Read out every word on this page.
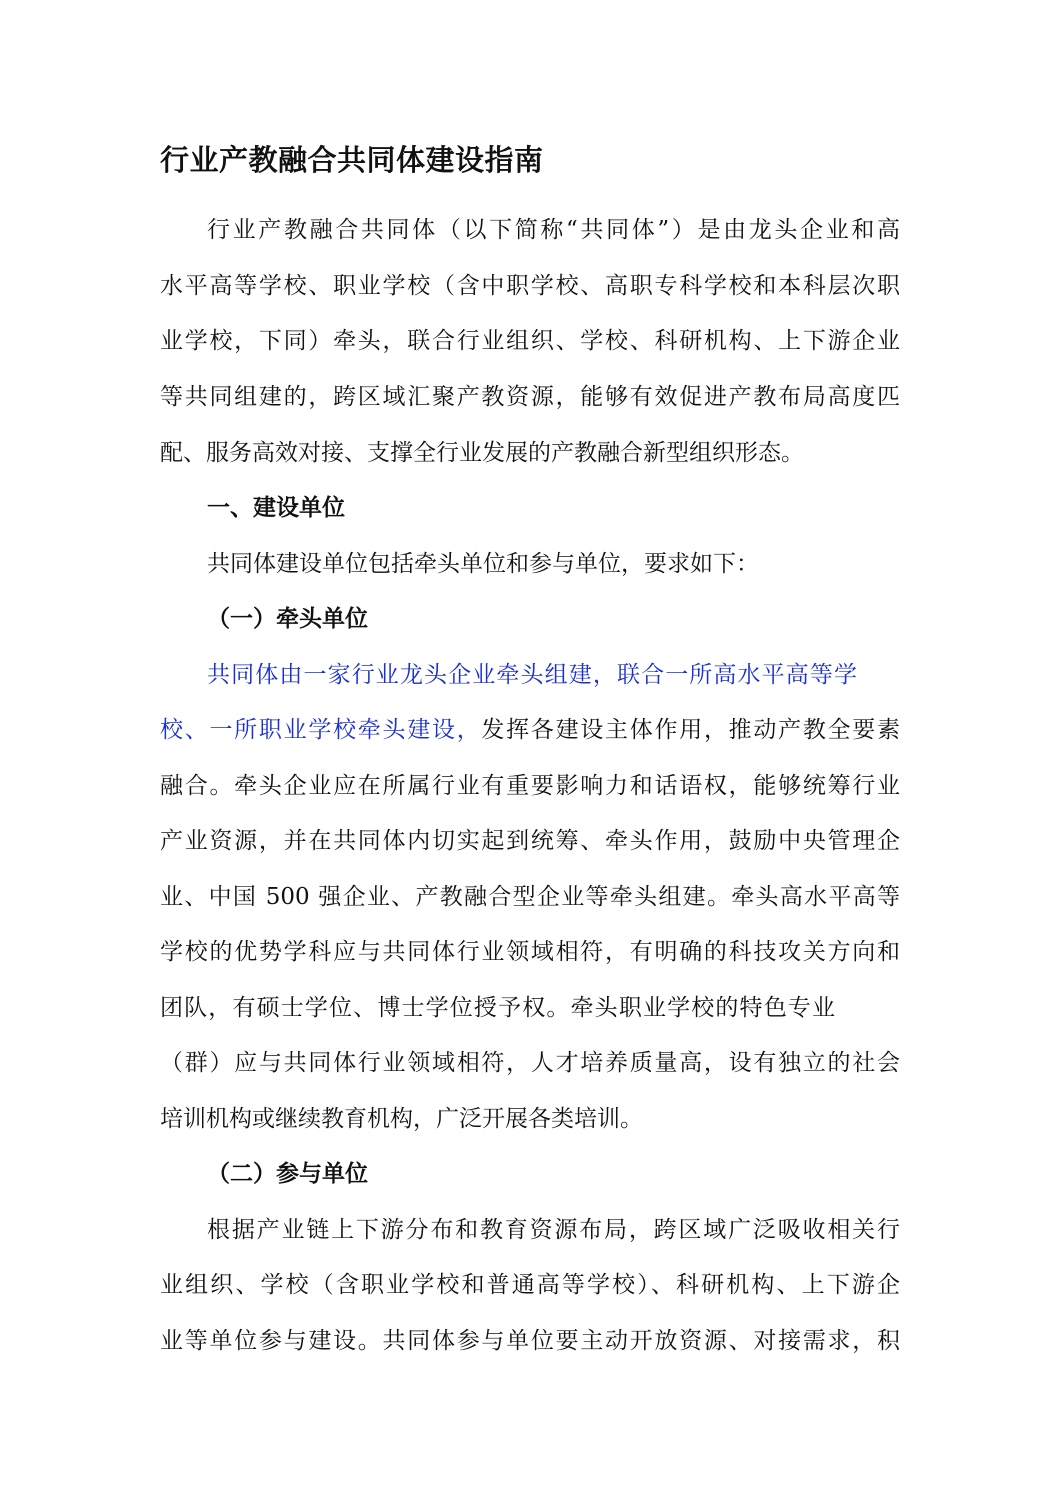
行业产教融合共同体建设指南
行业产教融合共同体（以下简称“共同体”）是由龙头企业和高
水平高等学校、职业学校（含中职学校、高职专科学校和本科层次职
业学校，下同）牵头，联合行业组织、学校、科研机构、上下游企业
等共同组建的，跨区域汇聚产教资源，能够有效促进产教布局高度匹
配、服务高效对接、支撑全行业发展的产教融合新型组织形态。
一、建设单位
共同体建设单位包括牵头单位和参与单位，要求如下：
（一）牵头单位
共同体由一家行业龙头企业牵头组建，联合一所高水平高等学
校、一所职业学校牵头建设，发挥各建设主体作用，推动产教全要素
融合。牵头企业应在所属行业有重要影响力和话语权，能够统筹行业
产业资源，并在共同体内切实起到统筹、牵头作用，鼓励中央管理企
业、中国 500 强企业、产教融合型企业等牵头组建。牵头高水平高等
学校的优势学科应与共同体行业领域相符，有明确的科技攻关方向和
团队，有硕士学位、博士学位授予权。牵头职业学校的特色专业
（群）应与共同体行业领域相符，人才培养质量高，设有独立的社会
培训机构或继续教育机构，广泛开展各类培训。
（二）参与单位
根据产业链上下游分布和教育资源布局，跨区域广泛吸收相关行
业组织、学校（含职业学校和普通高等学校）、科研机构、上下游企
业等单位参与建设。共同体参与单位要主动开放资源、对接需求，积
